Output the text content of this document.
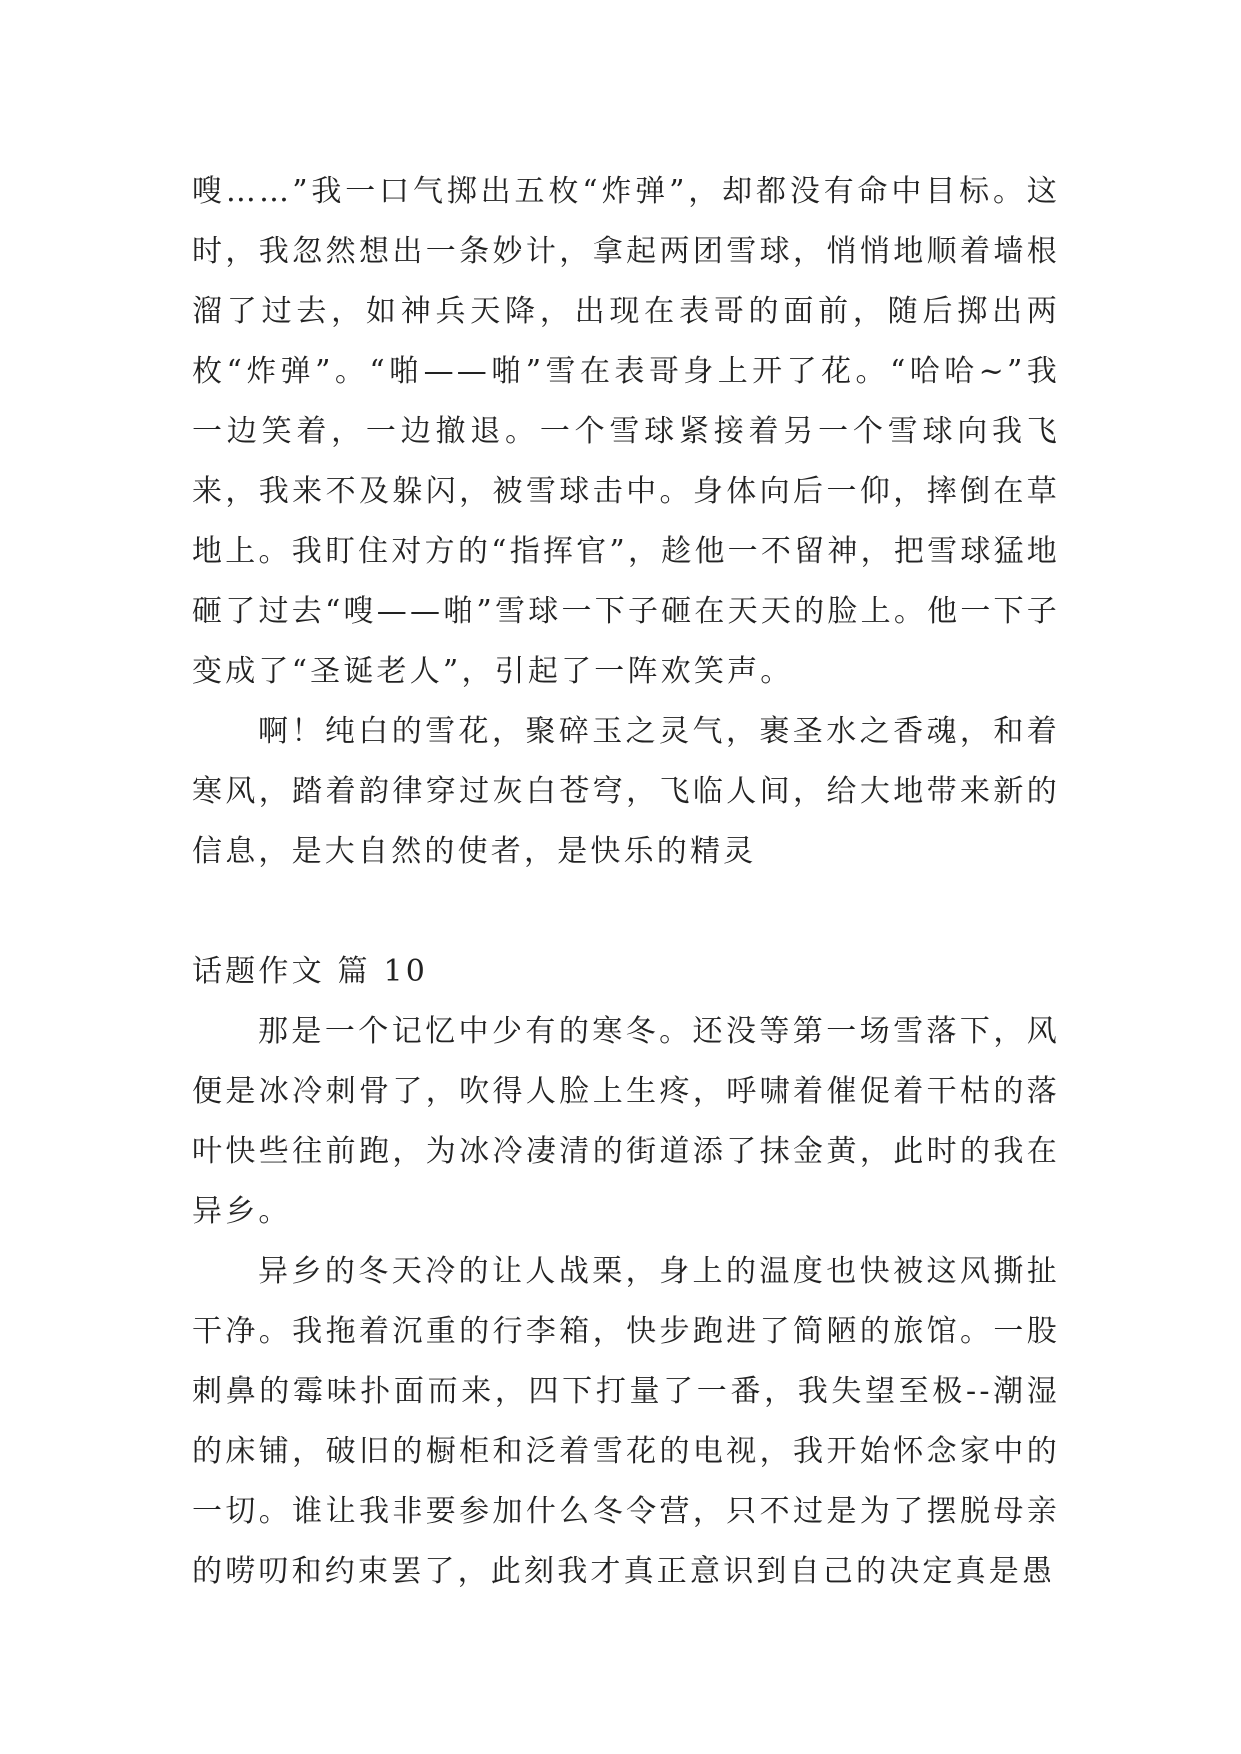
嗖……”我一口气掷出五枚“炸弹”，却都没有命中目标。这时，我忽然想出一条妙计，拿起两团雪球，悄悄地顺着墙根溜了过去，如神兵天降，出现在表哥的面前，随后掷出两枚“炸弹”。“啪——啪”雪在表哥身上开了花。“哈哈~”我一边笑着，一边撤退。一个雪球紧接着另一个雪球向我飞来，我来不及躲闪，被雪球击中。身体向后一仰，摔倒在草地上。我盯住对方的“指挥官”，趁他一不留神，把雪球猛地砸了过去“嗖——啪”雪球一下子砸在天天的脸上。他一下子变成了“圣诞老人”，引起了一阵欢笑声。

啊！纯白的雪花，聚碎玉之灵气，裹圣水之香魂，和着寒风，踏着韵律穿过灰白苍穹，飞临人间，给大地带来新的信息，是大自然的使者，是快乐的精灵

话题作文 篇 10

那是一个记忆中少有的寒冬。还没等第一场雪落下，风便是冰冷刺骨了，吹得人脸上生疼，呼啸着催促着干枯的落叶快些往前跑，为冰冷凄清的街道添了抹金黄，此时的我在异乡。

异乡的冬天冷的让人战栗，身上的温度也快被这风撕扯干净。我拖着沉重的行李箱，快步跑进了简陋的旅馆。一股刺鼻的霉味扑面而来，四下打量了一番，我失望至极--潮湿的床铺，破旧的橱柜和泛着雪花的电视，我开始怀念家中的一切。谁让我非要参加什么冬令营，只不过是为了摆脱母亲的唠叨和约束罢了，此刻我才真正意识到自己的决定真是愚
